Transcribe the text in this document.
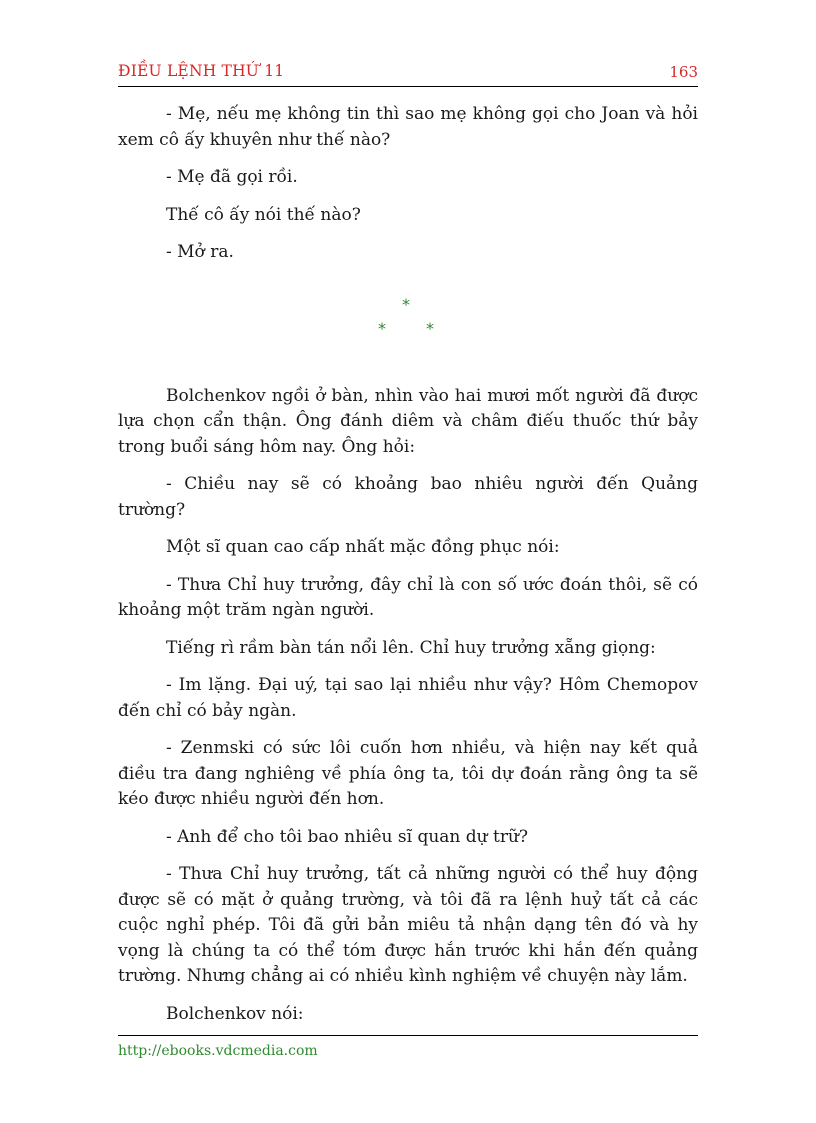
ĐIỀU LỆNH THỨ 11	163

- Mẹ, nếu mẹ không tin thì sao mẹ không gọi cho Joan và hỏi xem cô ấy khuyên như thế nào?

- Mẹ đã gọi rồi.

Thế cô ấy nói thế nào?

- Mở ra.

*
*	*

Bolchenkov ngồi ở bàn, nhìn vào hai mươi mốt người đã được lựa chọn cẩn thận. Ông đánh diêm và châm điếu thuốc thứ bảy trong buổi sáng hôm nay. Ông hỏi:

- Chiều nay sẽ có khoảng bao nhiêu người đến Quảng trường?

Một sĩ quan cao cấp nhất mặc đồng phục nói:

- Thưa Chỉ huy trưởng, đây chỉ là con số ước đoán thôi, sẽ có khoảng một trăm ngàn người.

Tiếng rì rầm bàn tán nổi lên. Chỉ huy trưởng xẵng giọng:

- Im lặng. Đại uý, tại sao lại nhiều như vậy? Hôm Chemopov đến chỉ có bảy ngàn.

- Zenmski có sức lôi cuốn hơn nhiều, và hiện nay kết quả điều tra đang nghiêng về phía ông ta, tôi dự đoán rằng ông ta sẽ kéo được nhiều người đến hơn.

- Anh để cho tôi bao nhiêu sĩ quan dự trữ?

- Thưa Chỉ huy trưởng, tất cả những người có thể huy động được sẽ có mặt ở quảng trường, và tôi đã ra lệnh huỷ tất cả các cuộc nghỉ phép. Tôi đã gửi bản miêu tả nhận dạng tên đó và hy vọng là chúng ta có thể tóm được hắn trước khi hắn đến quảng trường. Nhưng chẳng ai có nhiều kình nghiệm về chuyện này lắm.

Bolchenkov nói:

http://ebooks.vdcmedia.com
